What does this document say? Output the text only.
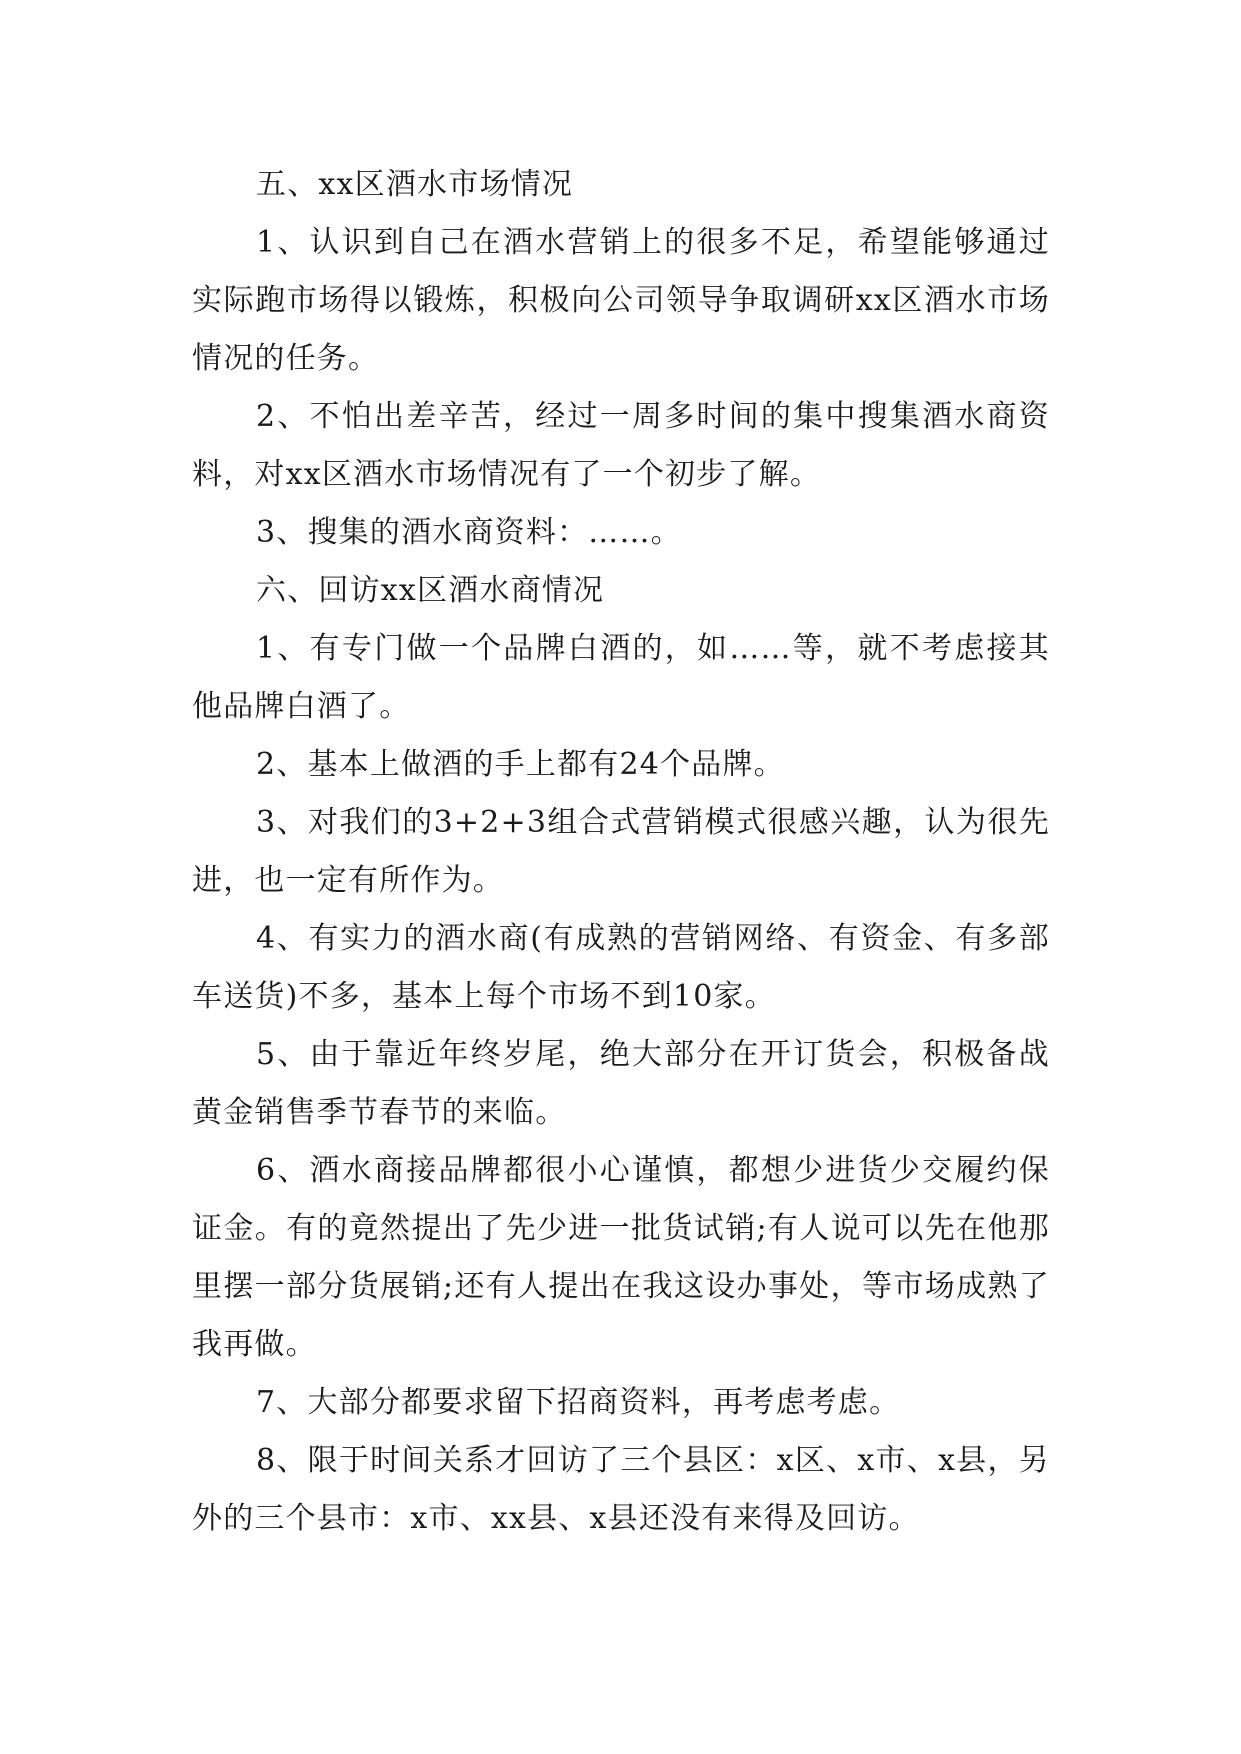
五、xx区酒水市场情况

1、认识到自己在酒水营销上的很多不足，希望能够通过实际跑市场得以锻炼，积极向公司领导争取调研xx区酒水市场情况的任务。

2、不怕出差辛苦，经过一周多时间的集中搜集酒水商资料，对xx区酒水市场情况有了一个初步了解。

3、搜集的酒水商资料：……。

六、回访xx区酒水商情况

1、有专门做一个品牌白酒的，如……等，就不考虑接其他品牌白酒了。

2、基本上做酒的手上都有24个品牌。

3、对我们的3+2+3组合式营销模式很感兴趣，认为很先进，也一定有所作为。

4、有实力的酒水商(有成熟的营销网络、有资金、有多部车送货)不多，基本上每个市场不到10家。

5、由于靠近年终岁尾，绝大部分在开订货会，积极备战黄金销售季节春节的来临。

6、酒水商接品牌都很小心谨慎，都想少进货少交履约保证金。有的竟然提出了先少进一批货试销;有人说可以先在他那里摆一部分货展销;还有人提出在我这设办事处，等市场成熟了我再做。

7、大部分都要求留下招商资料，再考虑考虑。

8、限于时间关系才回访了三个县区：x区、x市、x县，另外的三个县市：x市、xx县、x县还没有来得及回访。
